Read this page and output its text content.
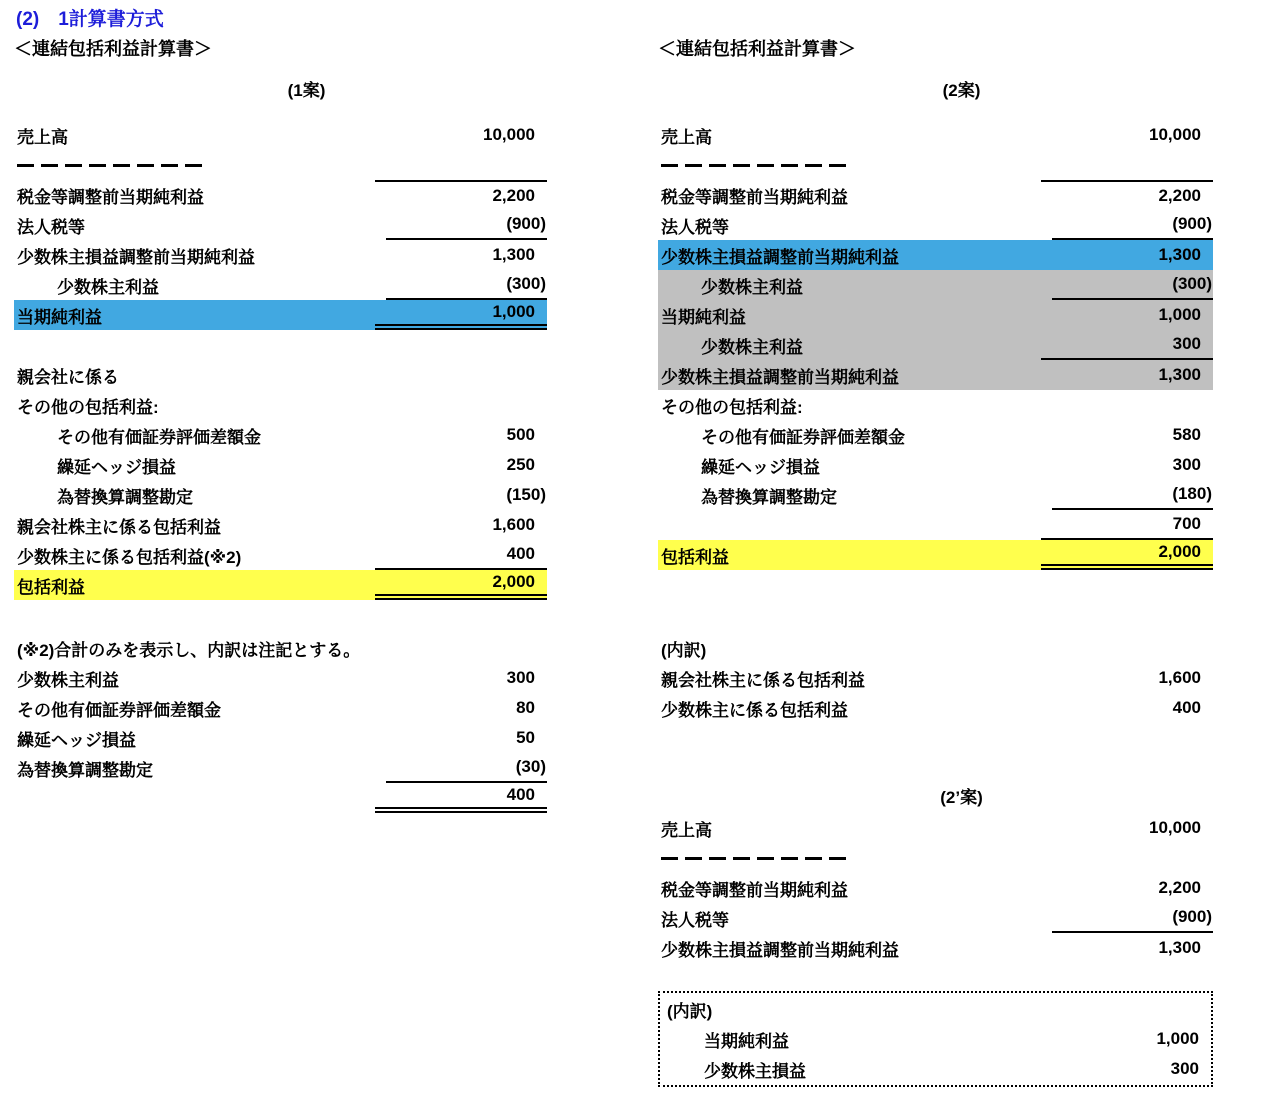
(2)　1計算書方式
＜連結包括利益計算書＞
(1案)
売上高	10,000
税金等調整前当期純利益	2,200
法人税等	(900)
少数株主損益調整前当期純利益	1,300
少数株主利益	(300)
当期純利益	1,000
親会社に係る
その他の包括利益:
その他有価証券評価差額金	500
繰延ヘッジ損益	250
為替換算調整勘定	(150)
親会社株主に係る包括利益	1,600
少数株主に係る包括利益(※2)	400
包括利益	2,000
(※2)合計のみを表示し、内訳は注記とする。
少数株主利益	300
その他有価証券評価差額金	80
繰延ヘッジ損益	50
為替換算調整勘定	(30)
400
＜連結包括利益計算書＞
(2案)
売上高	10,000
税金等調整前当期純利益	2,200
法人税等	(900)
少数株主損益調整前当期純利益	1,300
少数株主利益	(300)
当期純利益	1,000
少数株主利益	300
少数株主損益調整前当期純利益	1,300
その他の包括利益:
その他有価証券評価差額金	580
繰延ヘッジ損益	300
為替換算調整勘定	(180)
700
包括利益	2,000
(内訳)
親会社株主に係る包括利益	1,600
少数株主に係る包括利益	400
(2’案)
売上高	10,000
税金等調整前当期純利益	2,200
法人税等	(900)
少数株主損益調整前当期純利益	1,300
(内訳)
当期純利益	1,000
少数株主損益	300
